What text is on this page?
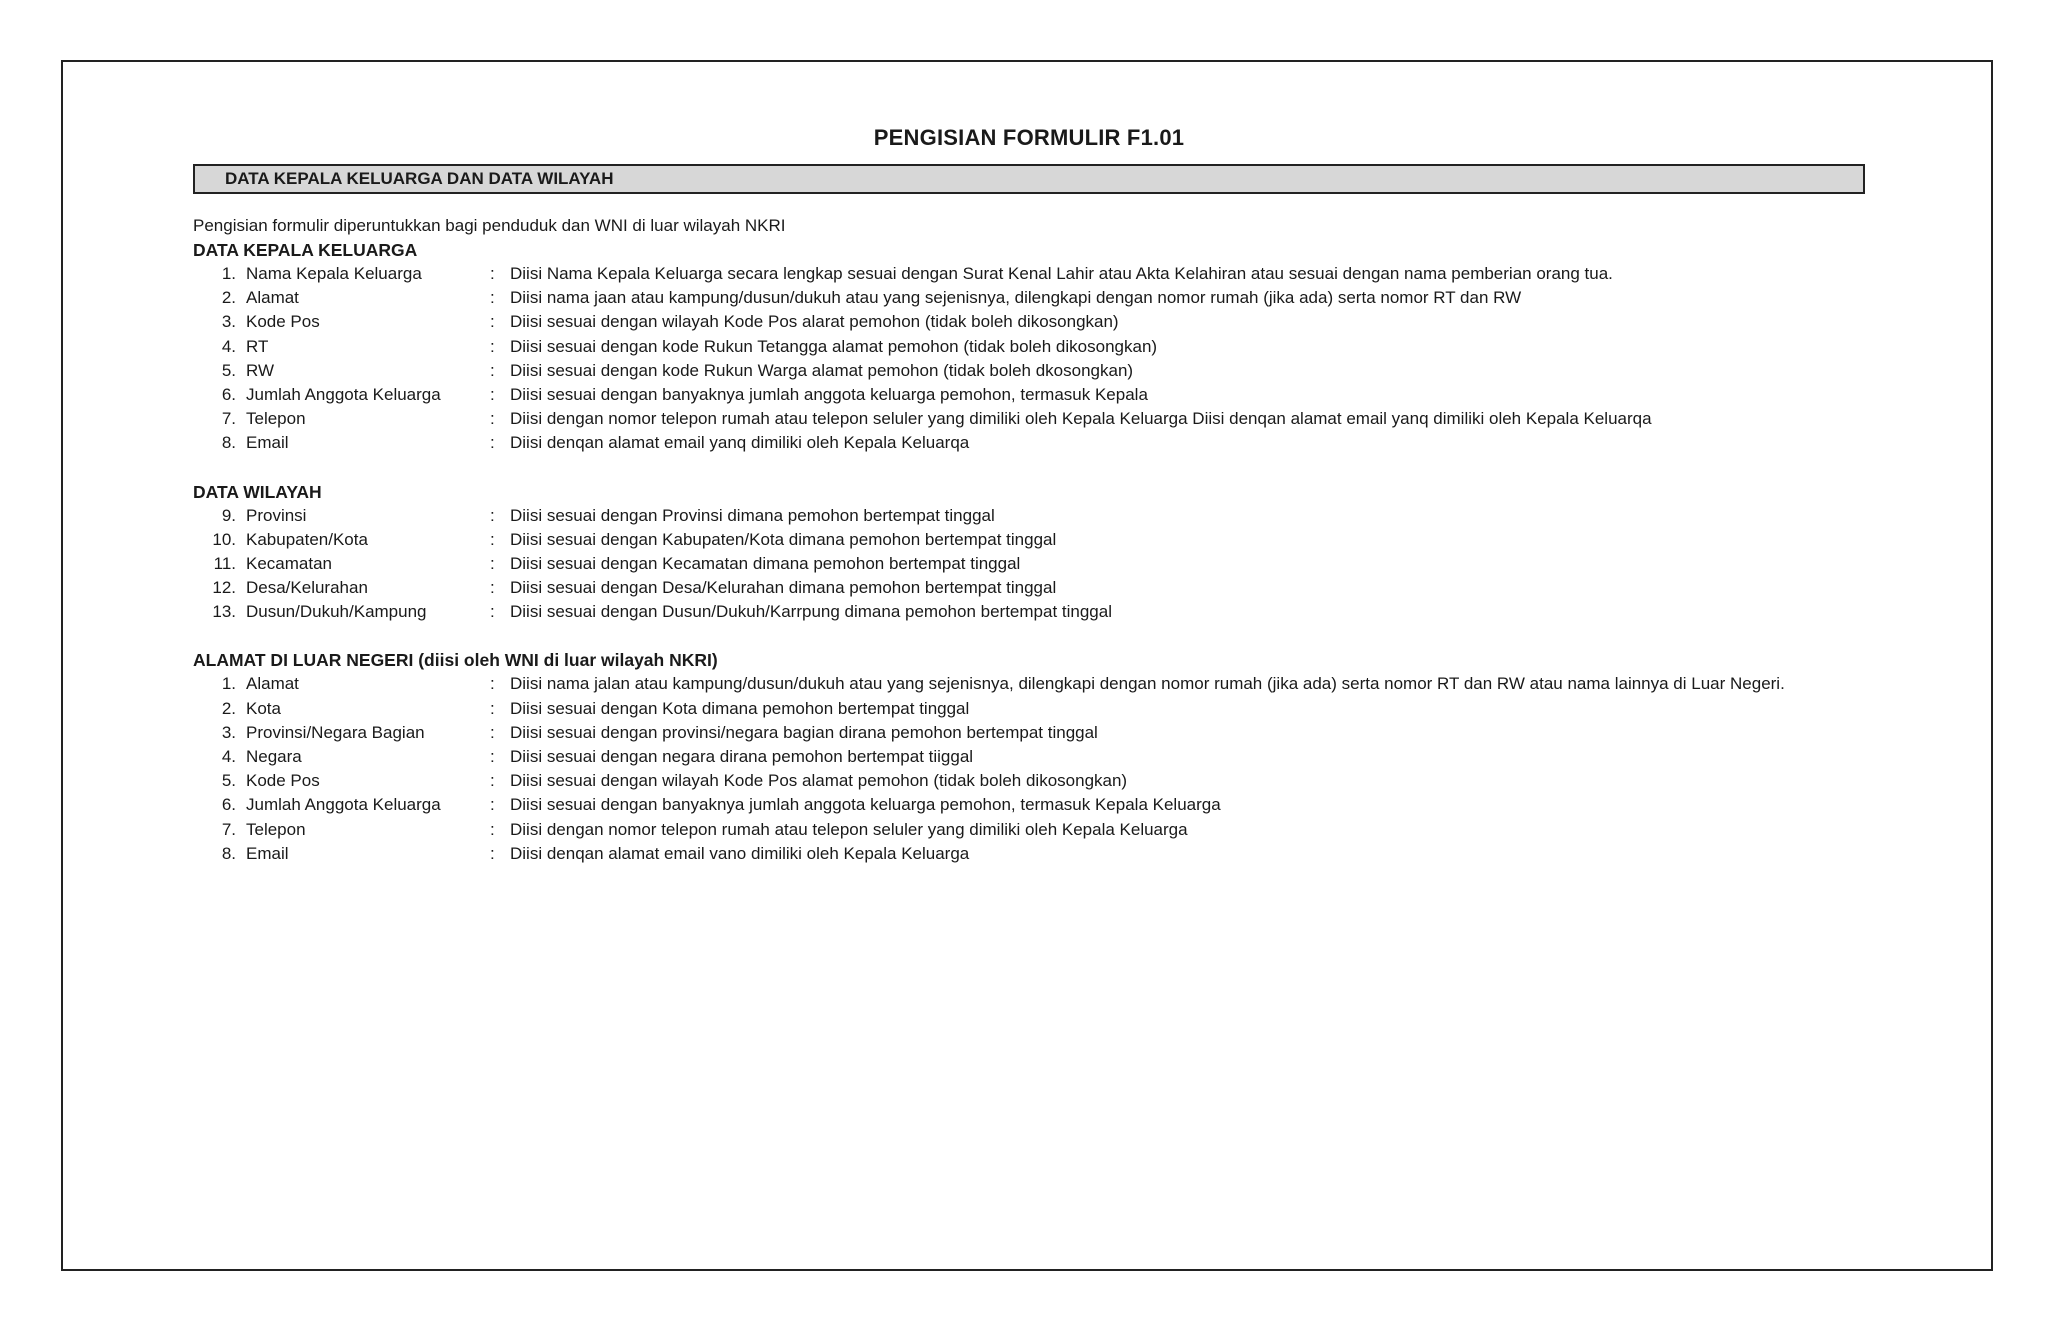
PENGISIAN FORMULIR F1.01
DATA KEPALA KELUARGA DAN DATA WILAYAH
Pengisian formulir diperuntukkan bagi penduduk dan WNI di luar wilayah NKRI
DATA KEPALA KELUARGA
1. Nama Kepala Keluarga	: Diisi Nama Kepala Keluarga secara lengkap sesuai dengan Surat Kenal Lahir atau Akta Kelahiran atau sesuai dengan nama pemberian orang tua.
2. Alamat	: Diisi nama jaan atau kampung/dusun/dukuh atau yang sejenisnya, dilengkapi dengan nomor rumah (jika ada) serta nomor RT dan RW
3. Kode Pos	: Diisi sesuai dengan wilayah Kode Pos alarat pemohon (tidak boleh dikosongkan)
4. RT	: Diisi sesuai dengan kode Rukun Tetangga alamat pemohon (tidak boleh dikosongkan)
5. RW	: Diisi sesuai dengan kode Rukun Warga alamat pemohon (tidak boleh dkosongkan)
6. Jumlah Anggota Keluarga	: Diisi sesuai dengan banyaknya jumlah anggota keluarga pemohon, termasuk Kepala
7. Telepon	: Diisi dengan nomor telepon rumah atau telepon seluler yang dimiliki oleh Kepala Keluarga Diisi denqan alamat email yanq dimiliki oleh Kepala Keluarqa
8. Email	: Diisi denqan alamat email yanq dimiliki oleh Kepala Keluarqa
DATA WILAYAH
9. Provinsi	: Diisi sesuai dengan Provinsi dimana pemohon bertempat tinggal
10. Kabupaten/Kota	: Diisi sesuai dengan Kabupaten/Kota dimana pemohon bertempat tinggal
11. Kecamatan	: Diisi sesuai dengan Kecamatan dimana pemohon bertempat tinggal
12. Desa/Kelurahan	: Diisi sesuai dengan Desa/Kelurahan dimana pemohon bertempat tinggal
13. Dusun/Dukuh/Kampung	: Diisi sesuai dengan Dusun/Dukuh/Karrpung dimana pemohon bertempat tinggal
ALAMAT DI LUAR NEGERI (diisi oleh WNI di luar wilayah NKRI)
1. Alamat	: Diisi nama jalan atau kampung/dusun/dukuh atau yang sejenisnya, dilengkapi dengan nomor rumah (jika ada) serta nomor RT dan RW atau nama lainnya di Luar Negeri.
2. Kota	: Diisi sesuai dengan Kota dimana pemohon bertempat tinggal
3. Provinsi/Negara Bagian	: Diisi sesuai dengan provinsi/negara bagian dirana pemohon bertempat tinggal
4. Negara	: Diisi sesuai dengan negara dirana pemohon bertempat tiiggal
5. Kode Pos	: Diisi sesuai dengan wilayah Kode Pos alamat pemohon (tidak boleh dikosongkan)
6. Jumlah Anggota Keluarga	: Diisi sesuai dengan banyaknya jumlah anggota keluarga pemohon, termasuk Kepala Keluarga
7. Telepon	: Diisi dengan nomor telepon rumah atau telepon seluler yang dimiliki oleh Kepala Keluarga
8. Email	: Diisi denqan alamat email vano dimiliki oleh Kepala Keluarga
